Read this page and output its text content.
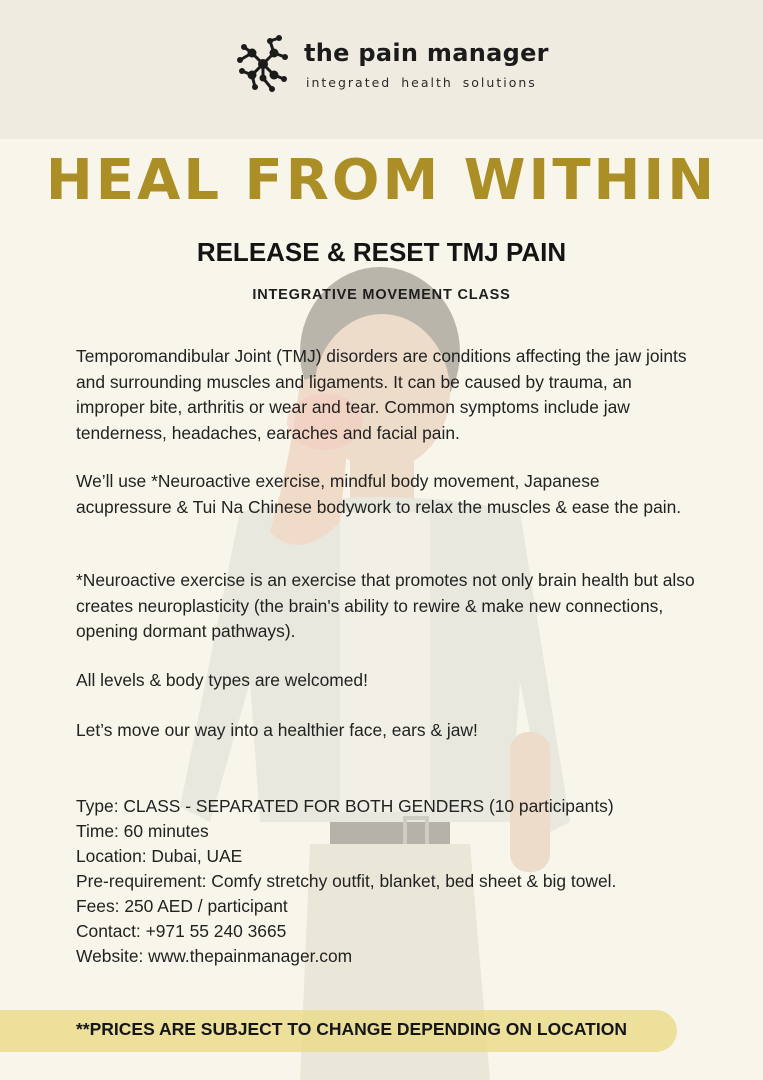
the pain manager
integrated health solutions
HEAL FROM WITHIN
RELEASE & RESET TMJ PAIN
INTEGRATIVE MOVEMENT CLASS
Temporomandibular Joint (TMJ) disorders are conditions affecting the jaw joints and surrounding muscles and ligaments. It can be caused by trauma, an improper bite, arthritis or wear and tear. Common symptoms include jaw tenderness, headaches, earaches and facial pain.
We’ll use *Neuroactive exercise, mindful body movement, Japanese acupressure & Tui Na Chinese bodywork to relax the muscles & ease the pain.
*Neuroactive exercise is an exercise that promotes not only brain health but also creates neuroplasticity (the brain's ability to rewire & make new connections, opening dormant pathways).
All levels & body types are welcomed!
Let’s move our way into a healthier face, ears & jaw!
Type: CLASS - SEPARATED FOR BOTH GENDERS (10 participants)
Time: 60 minutes
Location: Dubai, UAE
Pre-requirement: Comfy stretchy outfit, blanket, bed sheet & big towel.
Fees: 250 AED / participant
Contact: +971 55 240 3665
Website: www.thepainmanager.com
**PRICES ARE SUBJECT TO CHANGE DEPENDING ON LOCATION
